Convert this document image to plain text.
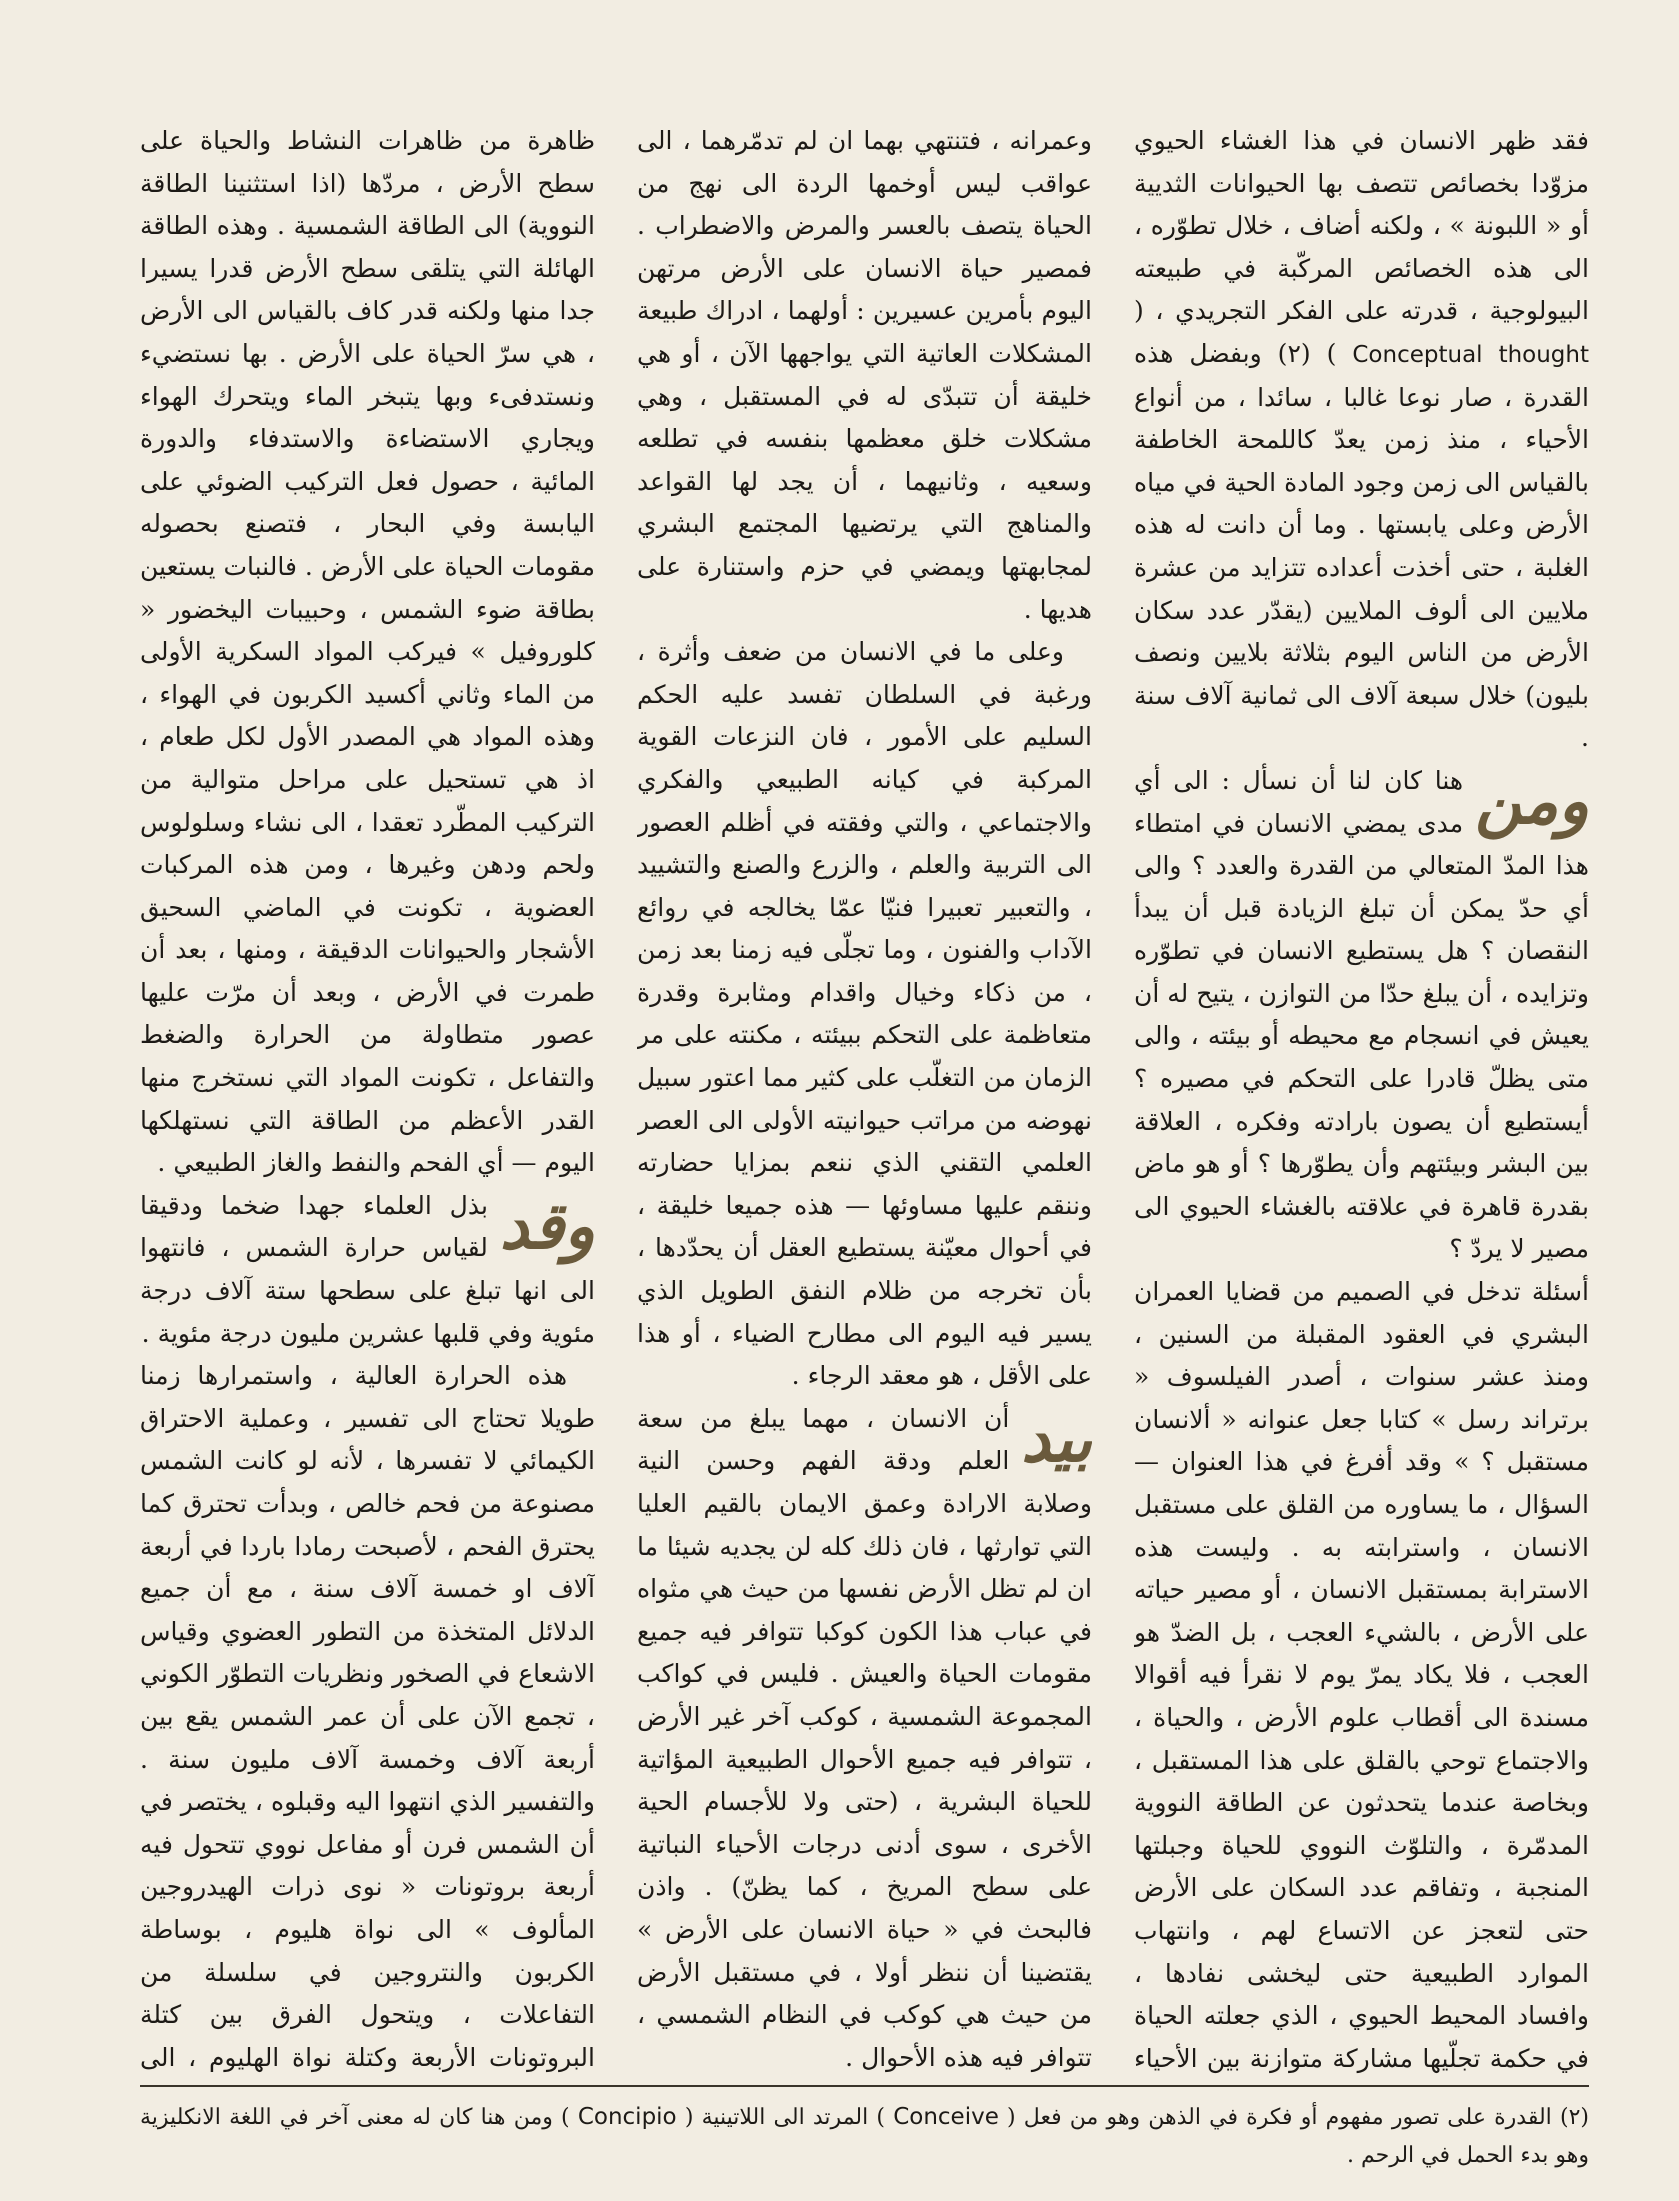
فقد ظهر الانسان في هذا الغشاء الحيوي مزوّدا بخصائص تتصف بها الحيوانات الثديية أو « اللبونة » ، ولكنه أضاف ، خلال تطوّره ، الى هذه الخصائص المركّبة في طبيعته البيولوجية ، قدرته على الفكر التجريدي ، ( Conceptual thought ) (٢) وبفضل هذه القدرة ، صار نوعا غالبا ، سائدا ، من أنواع الأحياء ، منذ زمن يعدّ كاللمحة الخاطفة بالقياس الى زمن وجود المادة الحية في مياه الأرض وعلى يابستها . وما أن دانت له هذه الغلبة ، حتى أخذت أعداده تتزايد من عشرة ملايين الى ألوف الملايين (يقدّر عدد سكان الأرض من الناس اليوم بثلاثة بلايين ونصف بليون) خلال سبعة آلاف الى ثمانية آلاف سنة .

ومن
هنا كان لنا أن نسأل : الى أي مدى يمضي الانسان في امتطاء هذا المدّ المتعالي من القدرة والعدد ؟ والى أي حدّ يمكن أن تبلغ الزيادة قبل أن يبدأ النقصان ؟ هل يستطيع الانسان في تطوّره وتزايده ، أن يبلغ حدّا من التوازن ، يتيح له أن يعيش في انسجام مع محيطه أو بيئته ، والى متى يظلّ قادرا على التحكم في مصيره ؟ أيستطيع أن يصون بارادته وفكره ، العلاقة بين البشر وبيئتهم وأن يطوّرها ؟ أو هو ماض بقدرة قاهرة في علاقته بالغشاء الحيوي الى مصير لا يردّ ؟

أسئلة تدخل في الصميم من قضايا العمران البشري في العقود المقبلة من السنين ، ومنذ عشر سنوات ، أصدر الفيلسوف « برتراند رسل » كتابا جعل عنوانه « ألانسان مستقبل ؟ » وقد أفرغ في هذا العنوان — السؤال ، ما يساوره من القلق على مستقبل الانسان ، واسترابته به . وليست هذه الاسترابة بمستقبل الانسان ، أو مصير حياته على الأرض ، بالشيء العجب ، بل الضدّ هو العجب ، فلا يكاد يمرّ يوم لا نقرأ فيه أقوالا مسندة الى أقطاب علوم الأرض ، والحياة ، والاجتماع توحي بالقلق على هذا المستقبل ، وبخاصة عندما يتحدثون عن الطاقة النووية المدمّرة ، والتلوّث النووي للحياة وجبلتها المنجبة ، وتفاقم عدد السكان على الأرض حتى لتعجز عن الاتساع لهم ، وانتهاب الموارد الطبيعية حتى ليخشى نفادها ، وافساد المحيط الحيوي ، الذي جعلته الحياة في حكمة تجلّيها مشاركة متوازنة بين الأحياء

وعمرانه ، فتنتهي بهما ان لم تدمّرهما ، الى عواقب ليس أوخمها الردة الى نهج من الحياة يتصف بالعسر والمرض والاضطراب . فمصير حياة الانسان على الأرض مرتهن اليوم بأمرين عسيرين : أولهما ، ادراك طبيعة المشكلات العاتية التي يواجهها الآن ، أو هي خليقة أن تتبدّى له في المستقبل ، وهي مشكلات خلق معظمها بنفسه في تطلعه وسعيه ، وثانيهما ، أن يجد لها القواعد والمناهج التي يرتضيها المجتمع البشري لمجابهتها ويمضي في حزم واستنارة على هديها .

وعلى ما في الانسان من ضعف وأثرة ، ورغبة في السلطان تفسد عليه الحكم السليم على الأمور ، فان النزعات القوية المركبة في كيانه الطبيعي والفكري والاجتماعي ، والتي وفقته في أظلم العصور الى التربية والعلم ، والزرع والصنع والتشييد ، والتعبير تعبيرا فنيّا عمّا يخالجه في روائع الآداب والفنون ، وما تجلّى فيه زمنا بعد زمن ، من ذكاء وخيال واقدام ومثابرة وقدرة متعاظمة على التحكم ببيئته ، مكنته على مر الزمان من التغلّب على كثير مما اعتور سبيل نهوضه من مراتب حيوانيته الأولى الى العصر العلمي التقني الذي ننعم بمزايا حضارته وننقم عليها مساوئها — هذه جميعا خليقة ، في أحوال معيّنة يستطيع العقل أن يحدّدها ، بأن تخرجه من ظلام النفق الطويل الذي يسير فيه اليوم الى مطارح الضياء ، أو هذا على الأقل ، هو معقد الرجاء .

بيد
أن الانسان ، مهما يبلغ من سعة العلم ودقة الفهم وحسن النية وصلابة الارادة وعمق الايمان بالقيم العليا التي توارثها ، فان ذلك كله لن يجديه شيئا ما ان لم تظل الأرض نفسها من حيث هي مثواه في عباب هذا الكون كوكبا تتوافر فيه جميع مقومات الحياة والعيش . فليس في كواكب المجموعة الشمسية ، كوكب آخر غير الأرض ، تتوافر فيه جميع الأحوال الطبيعية المؤاتية للحياة البشرية ، (حتى ولا للأجسام الحية الأخرى ، سوى أدنى درجات الأحياء النباتية على سطح المريخ ، كما يظنّ) . واذن فالبحث في « حياة الانسان على الأرض » يقتضينا أن ننظر أولا ، في مستقبل الأرض من حيث هي كوكب في النظام الشمسي ، تتوافر فيه هذه الأحوال .

ظاهرة من ظاهرات النشاط والحياة على سطح الأرض ، مردّها (اذا استثنينا الطاقة النووية) الى الطاقة الشمسية . وهذه الطاقة الهائلة التي يتلقى سطح الأرض قدرا يسيرا جدا منها ولكنه قدر كاف بالقياس الى الأرض ، هي سرّ الحياة على الأرض . بها نستضيء ونستدفىء وبها يتبخر الماء ويتحرك الهواء ويجاري الاستضاءة والاستدفاء والدورة المائية ، حصول فعل التركيب الضوئي على اليابسة وفي البحار ، فتصنع بحصوله مقومات الحياة على الأرض . فالنبات يستعين بطاقة ضوء الشمس ، وحبيبات اليخضور « كلوروفيل » فيركب المواد السكرية الأولى من الماء وثاني أكسيد الكربون في الهواء ، وهذه المواد هي المصدر الأول لكل طعام ، اذ هي تستحيل على مراحل متوالية من التركيب المطّرد تعقدا ، الى نشاء وسلولوس ولحم ودهن وغيرها ، ومن هذه المركبات العضوية ، تكونت في الماضي السحيق الأشجار والحيوانات الدقيقة ، ومنها ، بعد أن طمرت في الأرض ، وبعد أن مرّت عليها عصور متطاولة من الحرارة والضغط والتفاعل ، تكونت المواد التي نستخرج منها القدر الأعظم من الطاقة التي نستهلكها اليوم — أي الفحم والنفط والغاز الطبيعي .

وقد
بذل العلماء جهدا ضخما ودقيقا لقياس حرارة الشمس ، فانتهوا الى انها تبلغ على سطحها ستة آلاف درجة مئوية وفي قلبها عشرين مليون درجة مئوية .

هذه الحرارة العالية ، واستمرارها زمنا طويلا تحتاج الى تفسير ، وعملية الاحتراق الكيمائي لا تفسرها ، لأنه لو كانت الشمس مصنوعة من فحم خالص ، وبدأت تحترق كما يحترق الفحم ، لأصبحت رمادا باردا في أربعة آلاف او خمسة آلاف سنة ، مع أن جميع الدلائل المتخذة من التطور العضوي وقياس الاشعاع في الصخور ونظريات التطوّر الكوني ، تجمع الآن على أن عمر الشمس يقع بين أربعة آلاف وخمسة آلاف مليون سنة . والتفسير الذي انتهوا اليه وقبلوه ، يختصر في أن الشمس فرن أو مفاعل نووي تتحول فيه أربعة بروتونات « نوى ذرات الهيدروجين المألوف » الى نواة هليوم ، بوساطة الكربون والنتروجين في سلسلة من التفاعلات ، ويتحول الفرق بين كتلة البروتونات الأربعة وكتلة نواة الهليوم ، الى

(٢) القدرة على تصور مفهوم أو فكرة في الذهن وهو من فعل ( Conceive ) المرتد الى اللاتينية ( Concipio ) ومن هنا كان له معنى آخر في اللغة الانكليزية وهو بدء الحمل في الرحم .
